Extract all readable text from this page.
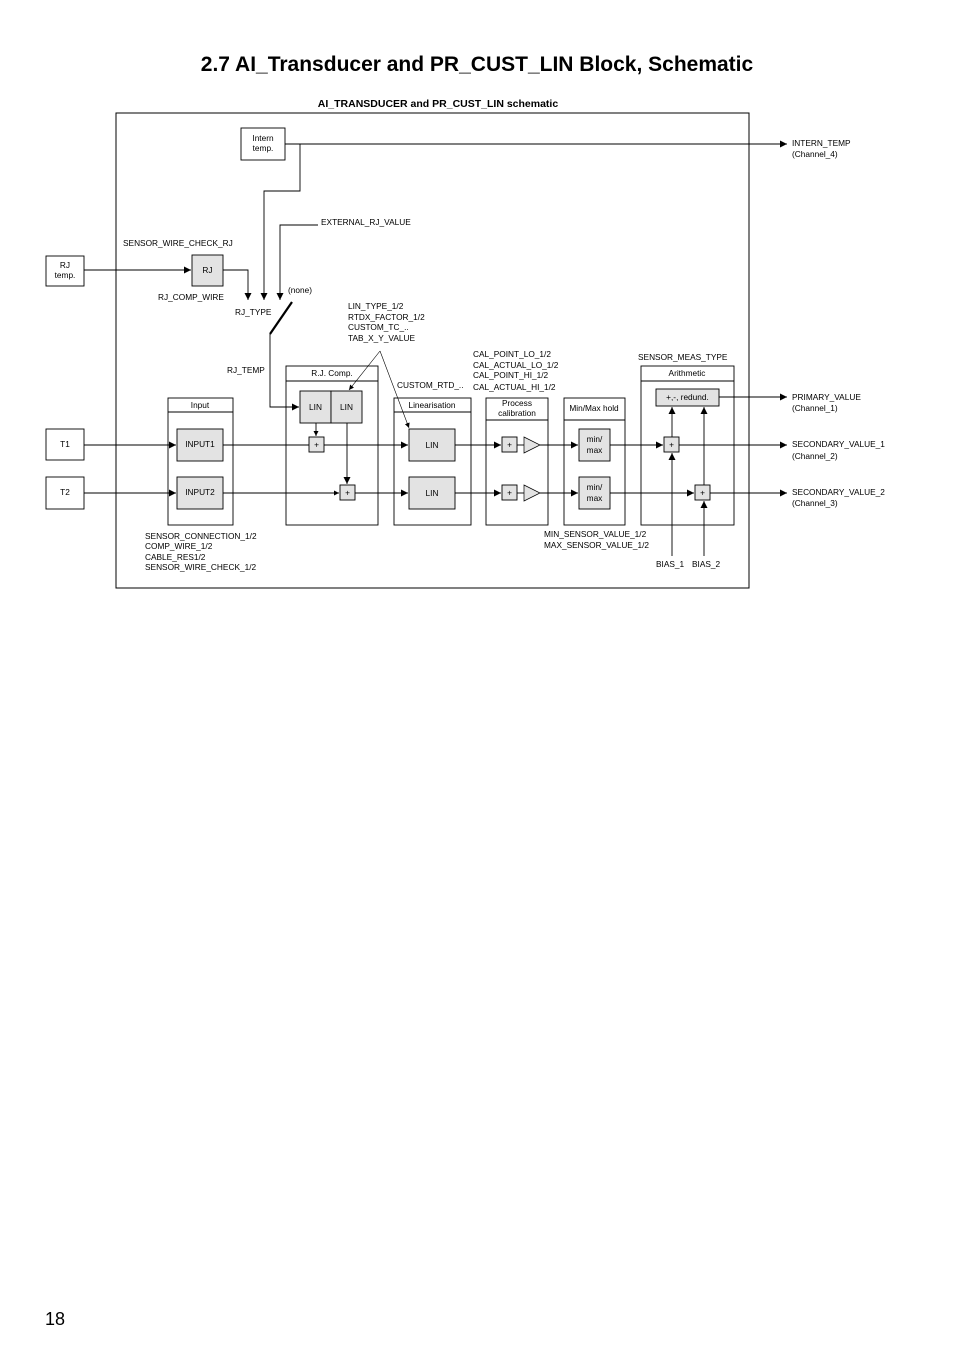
2.7 AI_Transducer and PR_CUST_LIN Block, Schematic
AI_TRANSDUCER and PR_CUST_LIN schematic
Input
R.J. Comp.
Linearisation	Process
calibration	Min/Max hold
Arithmetic
Intern
temp.
RJ
temp.
T1
T2
RJ
INPUT1
INPUT2
LIN LIN
LIN
LIN
min/
max
min/
max
+,-, redund.
+
+
+
+
+
+
SENSOR_WIRE_CHECK_RJ
RJ_COMP_WIRE
RJ_TYPE
RJ_TEMP
EXTERNAL_RJ_VALUE
(none)
LIN_TYPE_1/2
RTDX_FACTOR_1/2
CUSTOM_TC_..
TAB_X_Y_VALUE
CUSTOM_RTD_..
CAL_POINT_LO_1/2
CAL_ACTUAL_LO_1/2
CAL_POINT_HI_1/2
CAL_ACTUAL_HI_1/2
SENSOR_MEAS_TYPE
SENSOR_CONNECTION_1/2
COMP_WIRE_1/2
CABLE_RES1/2
SENSOR_WIRE_CHECK_1/2
MIN_SENSOR_VALUE_1/2
MAX_SENSOR_VALUE_1/2
BIAS_1 BIAS_2
INTERN_TEMP
(Channel_4)
PRIMARY_VALUE
(Channel_1)
SECONDARY_VALUE_1
(Channel_2)
SECONDARY_VALUE_2
(Channel_3)
18
